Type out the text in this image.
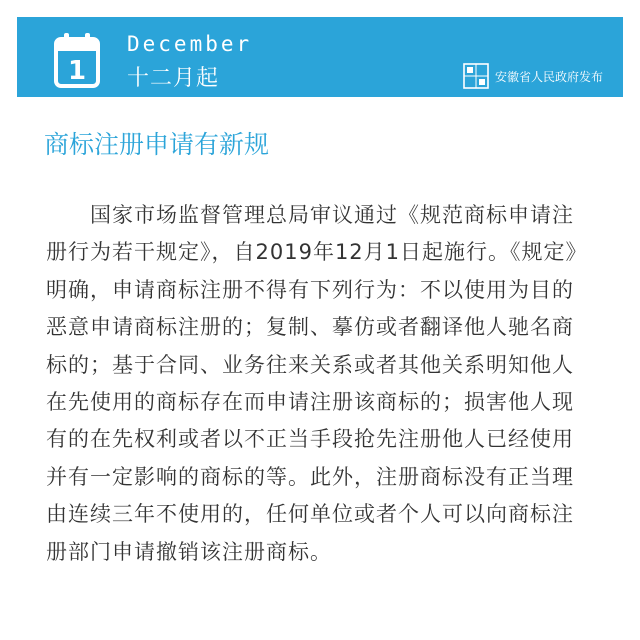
1
December
十二月起	安徽省人民政府发布
商标注册申请有新规
国家市场监督管理总局审议通过《规范商标申请注册行为若干规定》，自2019年12月1日起施行。《规定》明确，申请商标注册不得有下列行为：不以使用为目的恶意申请商标注册的；复制、摹仿或者翻译他人驰名商标的；基于合同、业务往来关系或者其他关系明知他人在先使用的商标存在而申请注册该商标的；损害他人现有的在先权利或者以不正当手段抢先注册他人已经使用并有一定影响的商标的等。此外，注册商标没有正当理由连续三年不使用的，任何单位或者个人可以向商标注册部门申请撤销该注册商标。
